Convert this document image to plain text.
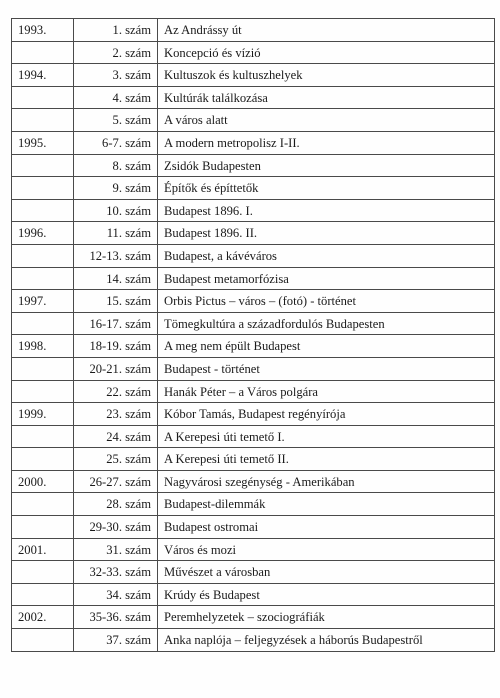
1993.	1. szám	Az Andrássy út
	2. szám	Koncepció és vízió
1994.	3. szám	Kultuszok és kultuszhelyek
	4. szám	Kultúrák találkozása
	5. szám	A város alatt
1995.	6-7. szám	A modern metropolisz I-II.
	8. szám	Zsidók Budapesten
	9. szám	Építők és építtetők
	10. szám	Budapest 1896. I.
1996.	11. szám	Budapest 1896. II.
	12-13. szám	Budapest, a kávéváros
	14. szám	Budapest metamorfózisa
1997.	15. szám	Orbis Pictus – város – (fotó) - történet
	16-17. szám	Tömegkultúra a századfordulós Budapesten
1998.	18-19. szám	A meg nem épült Budapest
	20-21. szám	Budapest - történet
	22. szám	Hanák Péter – a Város polgára
1999.	23. szám	Kóbor Tamás, Budapest regényírója
	24. szám	A Kerepesi úti temető I.
	25. szám	A Kerepesi úti temető II.
2000.	26-27. szám	Nagyvárosi szegénység - Amerikában
	28. szám	Budapest-dilemmák
	29-30. szám	Budapest ostromai
2001.	31. szám	Város és mozi
	32-33. szám	Művészet a városban
	34. szám	Krúdy és Budapest
2002.	35-36. szám	Peremhelyzetek – szociográfiák
	37. szám	Anka naplója – feljegyzések a háborús Budapestről
